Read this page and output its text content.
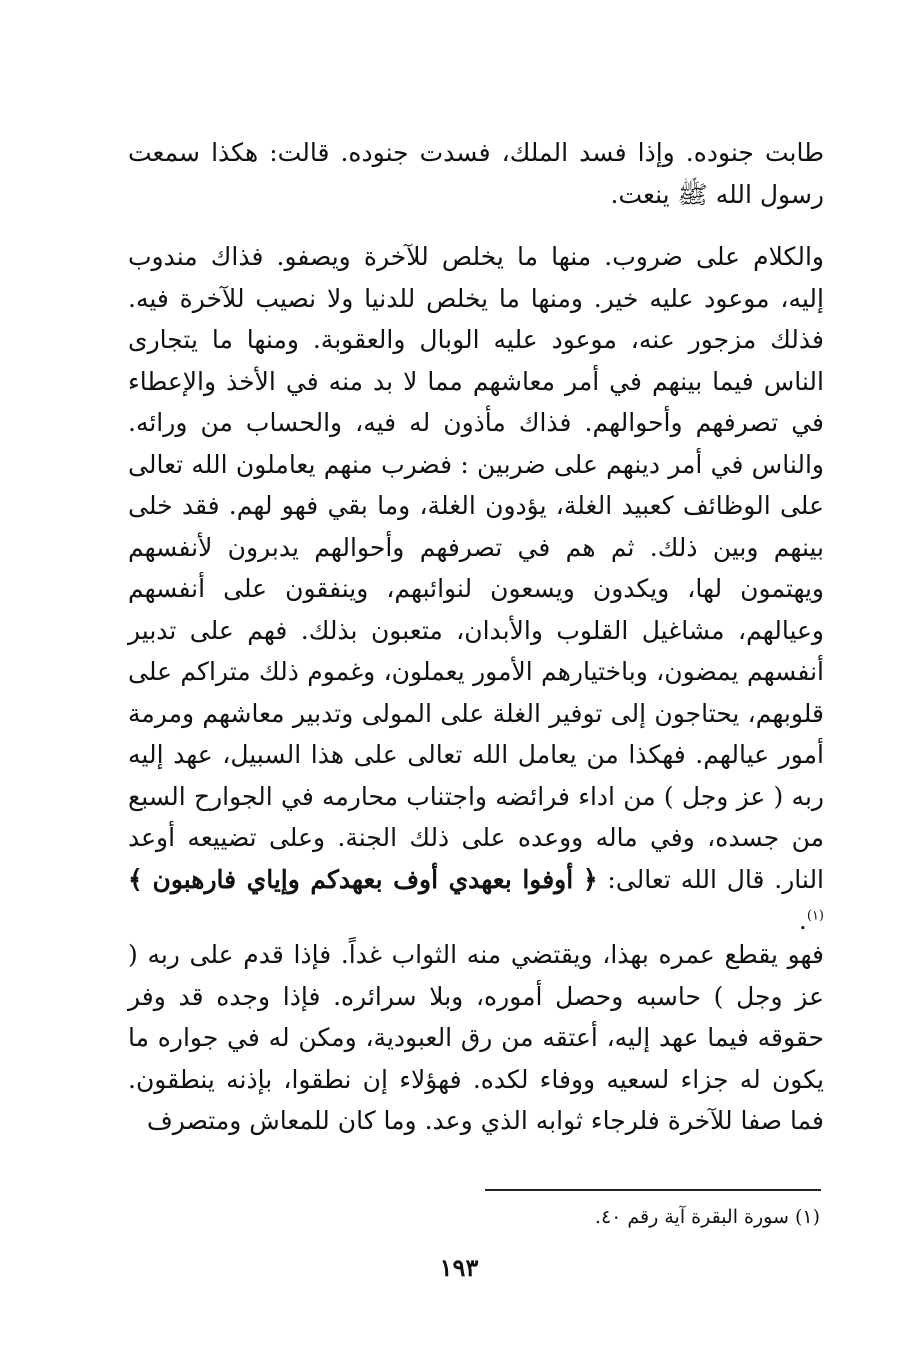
طابت جنوده. وإذا فسد الملك، فسدت جنوده. قالت: هكذا سمعت رسول الله ﷺ ينعت.
والكلام على ضروب. منها ما يخلص للآخرة ويصفو. فذاك مندوب إليه، موعود عليه خير. ومنها ما يخلص للدنيا ولا نصيب للآخرة فيه. فذلك مزجور عنه، موعود عليه الوبال والعقوبة. ومنها ما يتجارى الناس فيما بينهم في أمر معاشهم مما لا بد منه في الأخذ والإعطاء في تصرفهم وأحوالهم. فذاك مأذون له فيه، والحساب من ورائه. والناس في أمر دينهم على ضربين : فضرب منهم يعاملون الله تعالى على الوظائف كعبيد الغلة، يؤدون الغلة، وما بقي فهو لهم. فقد خلى بينهم وبين ذلك. ثم هم في تصرفهم وأحوالهم يدبرون لأنفسهم ويهتمون لها، ويكدون ويسعون لنوائبهم، وينفقون على أنفسهم وعيالهم، مشاغيل القلوب والأبدان، متعبون بذلك. فهم على تدبير أنفسهم يمضون، وباختيارهم الأمور يعملون، وغموم ذلك متراكم على قلوبهم، يحتاجون إلى توفير الغلة على المولى وتدبير معاشهم ومرمة أمور عيالهم. فهكذا من يعامل الله تعالى على هذا السبيل، عهد إليه ربه ( عز وجل ) من اداء فرائضه واجتناب محارمه في الجوارح السبع من جسده، وفي ماله ووعده على ذلك الجنة. وعلى تضييعه أوعد النار. قال الله تعالى: ﴿ أوفوا بعهدي أوف بعهدكم وإياي فارهبون ﴾$^{(١)}$.
فهو يقطع عمره بهذا، ويقتضي منه الثواب غداً. فإذا قدم على ربه ( عز وجل ) حاسبه وحصل أموره، وبلا سرائره. فإذا وجده قد وفر حقوقه فيما عهد إليه، أعتقه من رق العبودية، ومكن له في جواره ما يكون له جزاء لسعيه ووفاء لكده. فهؤلاء إن نطقوا، بإذنه ينطقون. فما صفا للآخرة فلرجاء ثوابه الذي وعد. وما كان للمعاش ومتصرف
(١) سورة البقرة آية رقم ٤٠.
١٩٣
